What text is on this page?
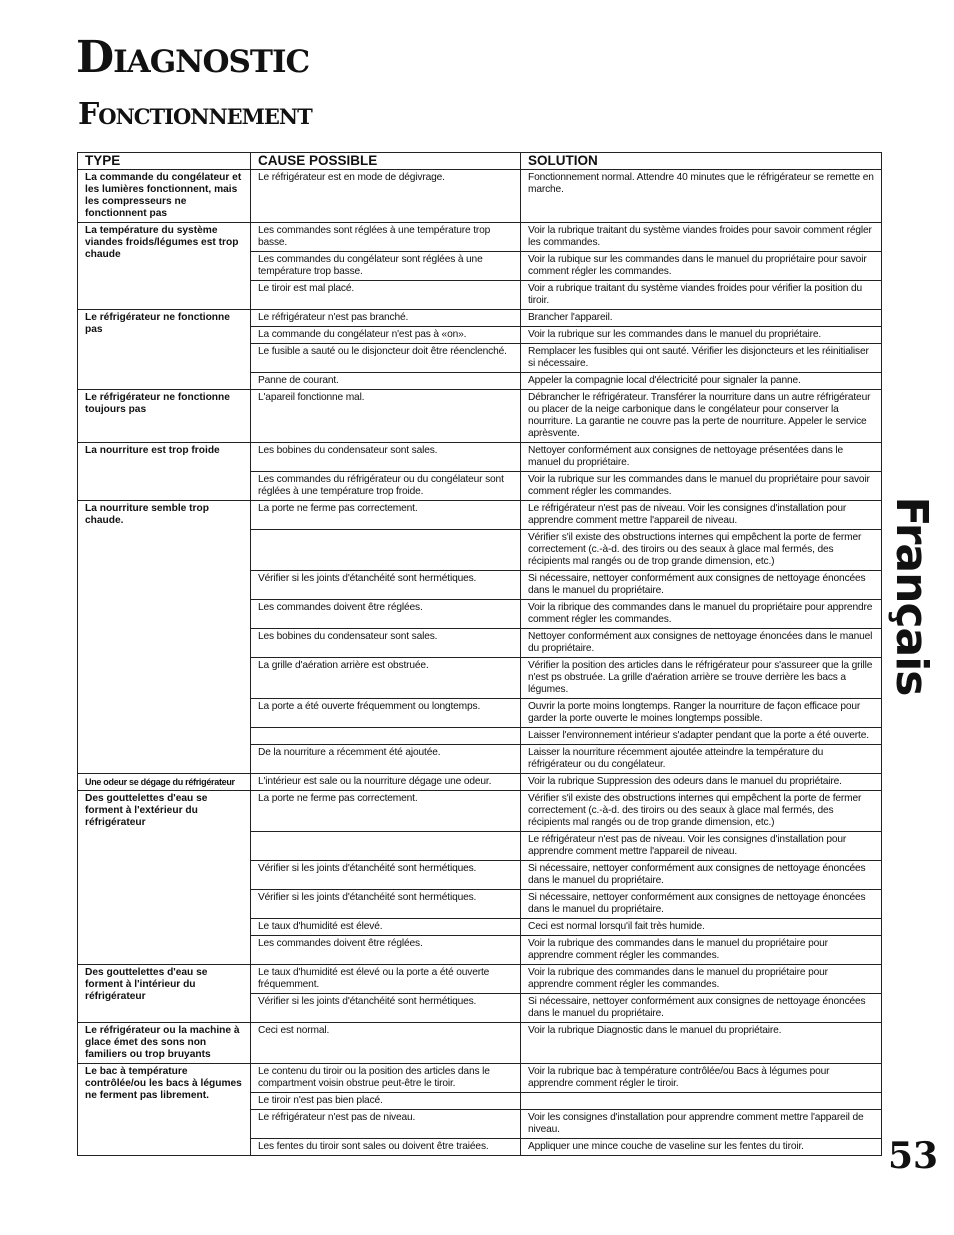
Diagnostic
Fonctionnement
TYPE	CAUSE POSSIBLE	SOLUTION
La commande du congélateur et les lumières fonctionnent, mais les compresseurs ne fonctionnent pas	Le réfrigérateur est en mode de dégivrage.	Fonctionnement normal. Attendre 40 minutes que le réfrigérateur se remette en marche.
La température du système viandes froids/légumes est trop chaude	Les commandes sont réglées à une température trop basse.	Voir la rubrique traitant du système viandes froides pour savoir comment régler les commandes.
	Les commandes du congélateur sont réglées à une température trop basse.	Voir la rubique sur les commandes dans le manuel du propriétaire pour savoir comment régler les commandes.
	Le tiroir est mal placé.	Voir a rubrique traitant du système viandes froides pour vérifier la position du tiroir.
Le réfrigérateur ne fonctionne pas	Le réfrigérateur n'est pas branché.	Brancher l'appareil.
	La commande du congélateur n'est pas à «on».	Voir la rubrique sur les commandes dans le manuel du propriétaire.
	Le fusible a sauté ou le disjoncteur doit être réenclenché.	Remplacer les fusibles qui ont sauté. Vérifier les disjoncteurs et les réinitialiser si nécessaire.
	Panne de courant.	Appeler la compagnie local d'électricité pour signaler la panne.
Le réfrigérateur ne fonctionne toujours pas	L'apareil fonctionne mal.	Débrancher le réfrigérateur. Transférer la nourriture dans un autre réfrigérateur ou placer de la neige carbonique dans le congélateur pour conserver la nourriture. La garantie ne couvre pas la perte de nourriture. Appeler le service aprèsvente.
La nourriture est trop froide	Les bobines du condensateur sont sales.	Nettoyer conformément aux consignes de nettoyage présentées dans le manuel du propriétaire.
	Les commandes du réfrigérateur ou du congélateur sont réglées à une température trop froide.	Voir la rubrique sur les commandes dans le manuel du propriétaire pour savoir comment régler les commandes.
La nourriture semble trop chaude.	La porte ne ferme pas correctement.	Le réfrigérateur n'est pas de niveau. Voir les consignes d'installation pour apprendre comment mettre l'appareil de niveau.
		Vérifier s'il existe des obstructions internes qui empêchent la porte de fermer correctement (c.-à-d. des tiroirs ou des seaux à glace mal fermés, des récipients mal rangés ou de trop grande dimension, etc.)
	Vérifier si les joints d'étanchéité sont hermétiques.	Si nécessaire, nettoyer conformément aux consignes de nettoyage énoncées dans le manuel du propriétaire.
	Les commandes doivent être réglées.	Voir la ribrique des commandes dans le manuel du propriétaire pour apprendre comment régler les commandes.
	Les bobines du condensateur sont sales.	Nettoyer conformément aux consignes de nettoyage énoncées dans le manuel du propriétaire.
	La grille d'aération arrière est obstruée.	Vérifier la position des articles dans le réfrigérateur pour s'assureer que la grille n'est ps obstruée. La grille d'aération arrière se trouve derrière les bacs a légumes.
	La porte a été ouverte fréquemment ou longtemps.	Ouvrir la porte moins longtemps. Ranger la nourriture de façon efficace pour garder la porte ouverte le moines longtemps possible.
		Laisser l'environnement intérieur s'adapter pendant que la porte a été ouverte.
	De la nourriture a récemment été ajoutée.	Laisser la nourriture récemment ajoutée atteindre la température du réfrigérateur ou du congélateur.
Une odeur se dégage du réfrigérateur	L'intérieur est sale ou la nourriture dégage une odeur.	Voir la rubrique Suppression des odeurs dans le manuel du propriétaire.
Des gouttelettes d'eau se forment à l'extérieur du réfrigérateur	La porte ne ferme pas correctement.	Vérifier s'il existe des obstructions internes qui empêchent la porte de fermer correctement (c.-à-d. des tiroirs ou des seaux à glace mal fermés, des récipients mal rangés ou de trop grande dimension, etc.)
		Le réfrigérateur n'est pas de niveau. Voir les consignes d'installation pour apprendre comment mettre l'appareil de niveau.
	Vérifier si les joints d'étanchéité sont hermétiques.	Si nécessaire, nettoyer conformément aux consignes de nettoyage énoncées dans le manuel du propriétaire.
	Vérifier si les joints d'étanchéité sont hermétiques.	Si nécessaire, nettoyer conformément aux consignes de nettoyage énoncées dans le manuel du propriétaire.
	Le taux d'humidité est élevé.	Ceci est normal lorsqu'il fait très humide.
	Les commandes doivent être réglées.	Voir la rubrique des commandes dans le manuel du propriétaire pour apprendre comment régler les commandes.
Des gouttelettes d'eau se forment à l'intérieur du réfrigérateur	Le taux d'humidité est élevé ou la porte a été ouverte fréquemment.	Voir la rubrique des commandes dans le manuel du propriétaire pour apprendre comment régler les commandes.
	Vérifier si les joints d'étanchéité sont hermétiques.	Si nécessaire, nettoyer conformément aux consignes de nettoyage énoncées dans le manuel du propriétaire.
Le réfrigérateur ou la machine à glace émet des sons non familiers ou trop bruyants	Ceci est normal.	Voir la rubrique Diagnostic dans le manuel du propriétaire.
Le bac à température contrôlée/ou les bacs à légumes ne ferment pas librement.	Le contenu du tiroir ou la position des articles dans le compartment voisin obstrue peut-être le tiroir.	Voir la rubrique bac à température contrôlée/ou Bacs à légumes pour apprendre comment régler le tiroir.
	Le tiroir n'est pas bien placé.	
	Le réfrigérateur n'est pas de niveau.	Voir les consignes d'installation pour apprendre comment mettre l'appareil de niveau.
	Les fentes du tiroir sont sales ou doivent être traiées.	Appliquer une mince couche de vaseline sur les fentes du tiroir.
Français
53
